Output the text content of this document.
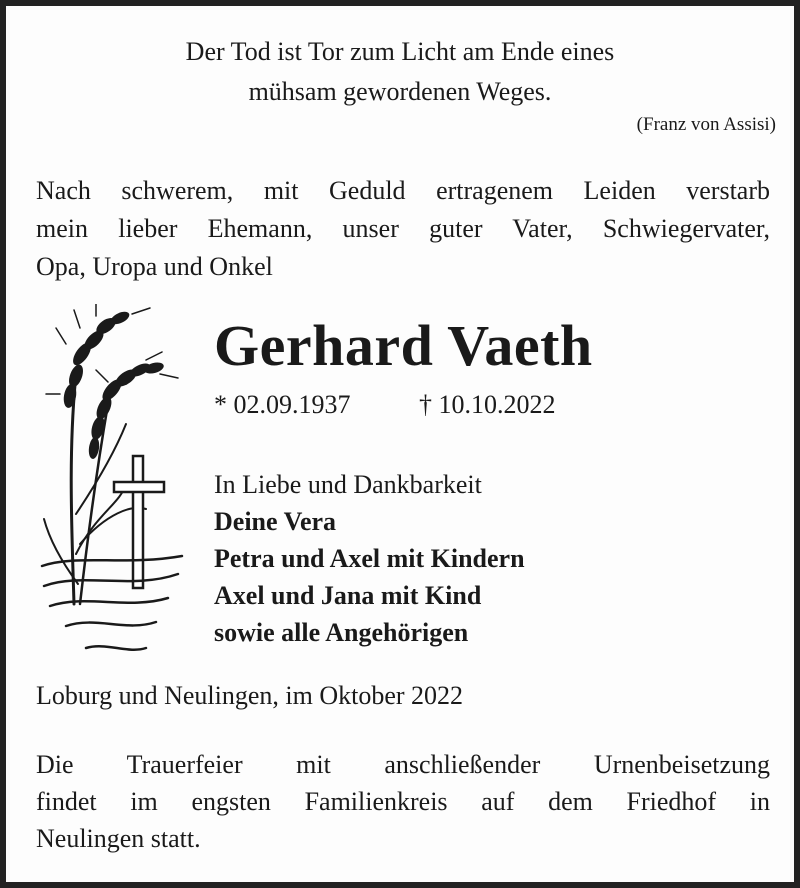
Der Tod ist Tor zum Licht am Ende eines
mühsam gewordenen Weges.
(Franz von Assisi)
Nach schwerem, mit Geduld ertragenem Leiden verstarb
mein lieber Ehemann, unser guter Vater, Schwiegervater,
Opa, Uropa und Onkel
Gerhard Vaeth
* 02.09.1937	† 10.10.2022
In Liebe und Dankbarkeit
Deine Vera
Petra und Axel mit Kindern
Axel und Jana mit Kind
sowie alle Angehörigen
Loburg und Neulingen, im Oktober 2022
Die Trauerfeier mit anschließender Urnenbeisetzung
findet im engsten Familienkreis auf dem Friedhof in
Neulingen statt.
